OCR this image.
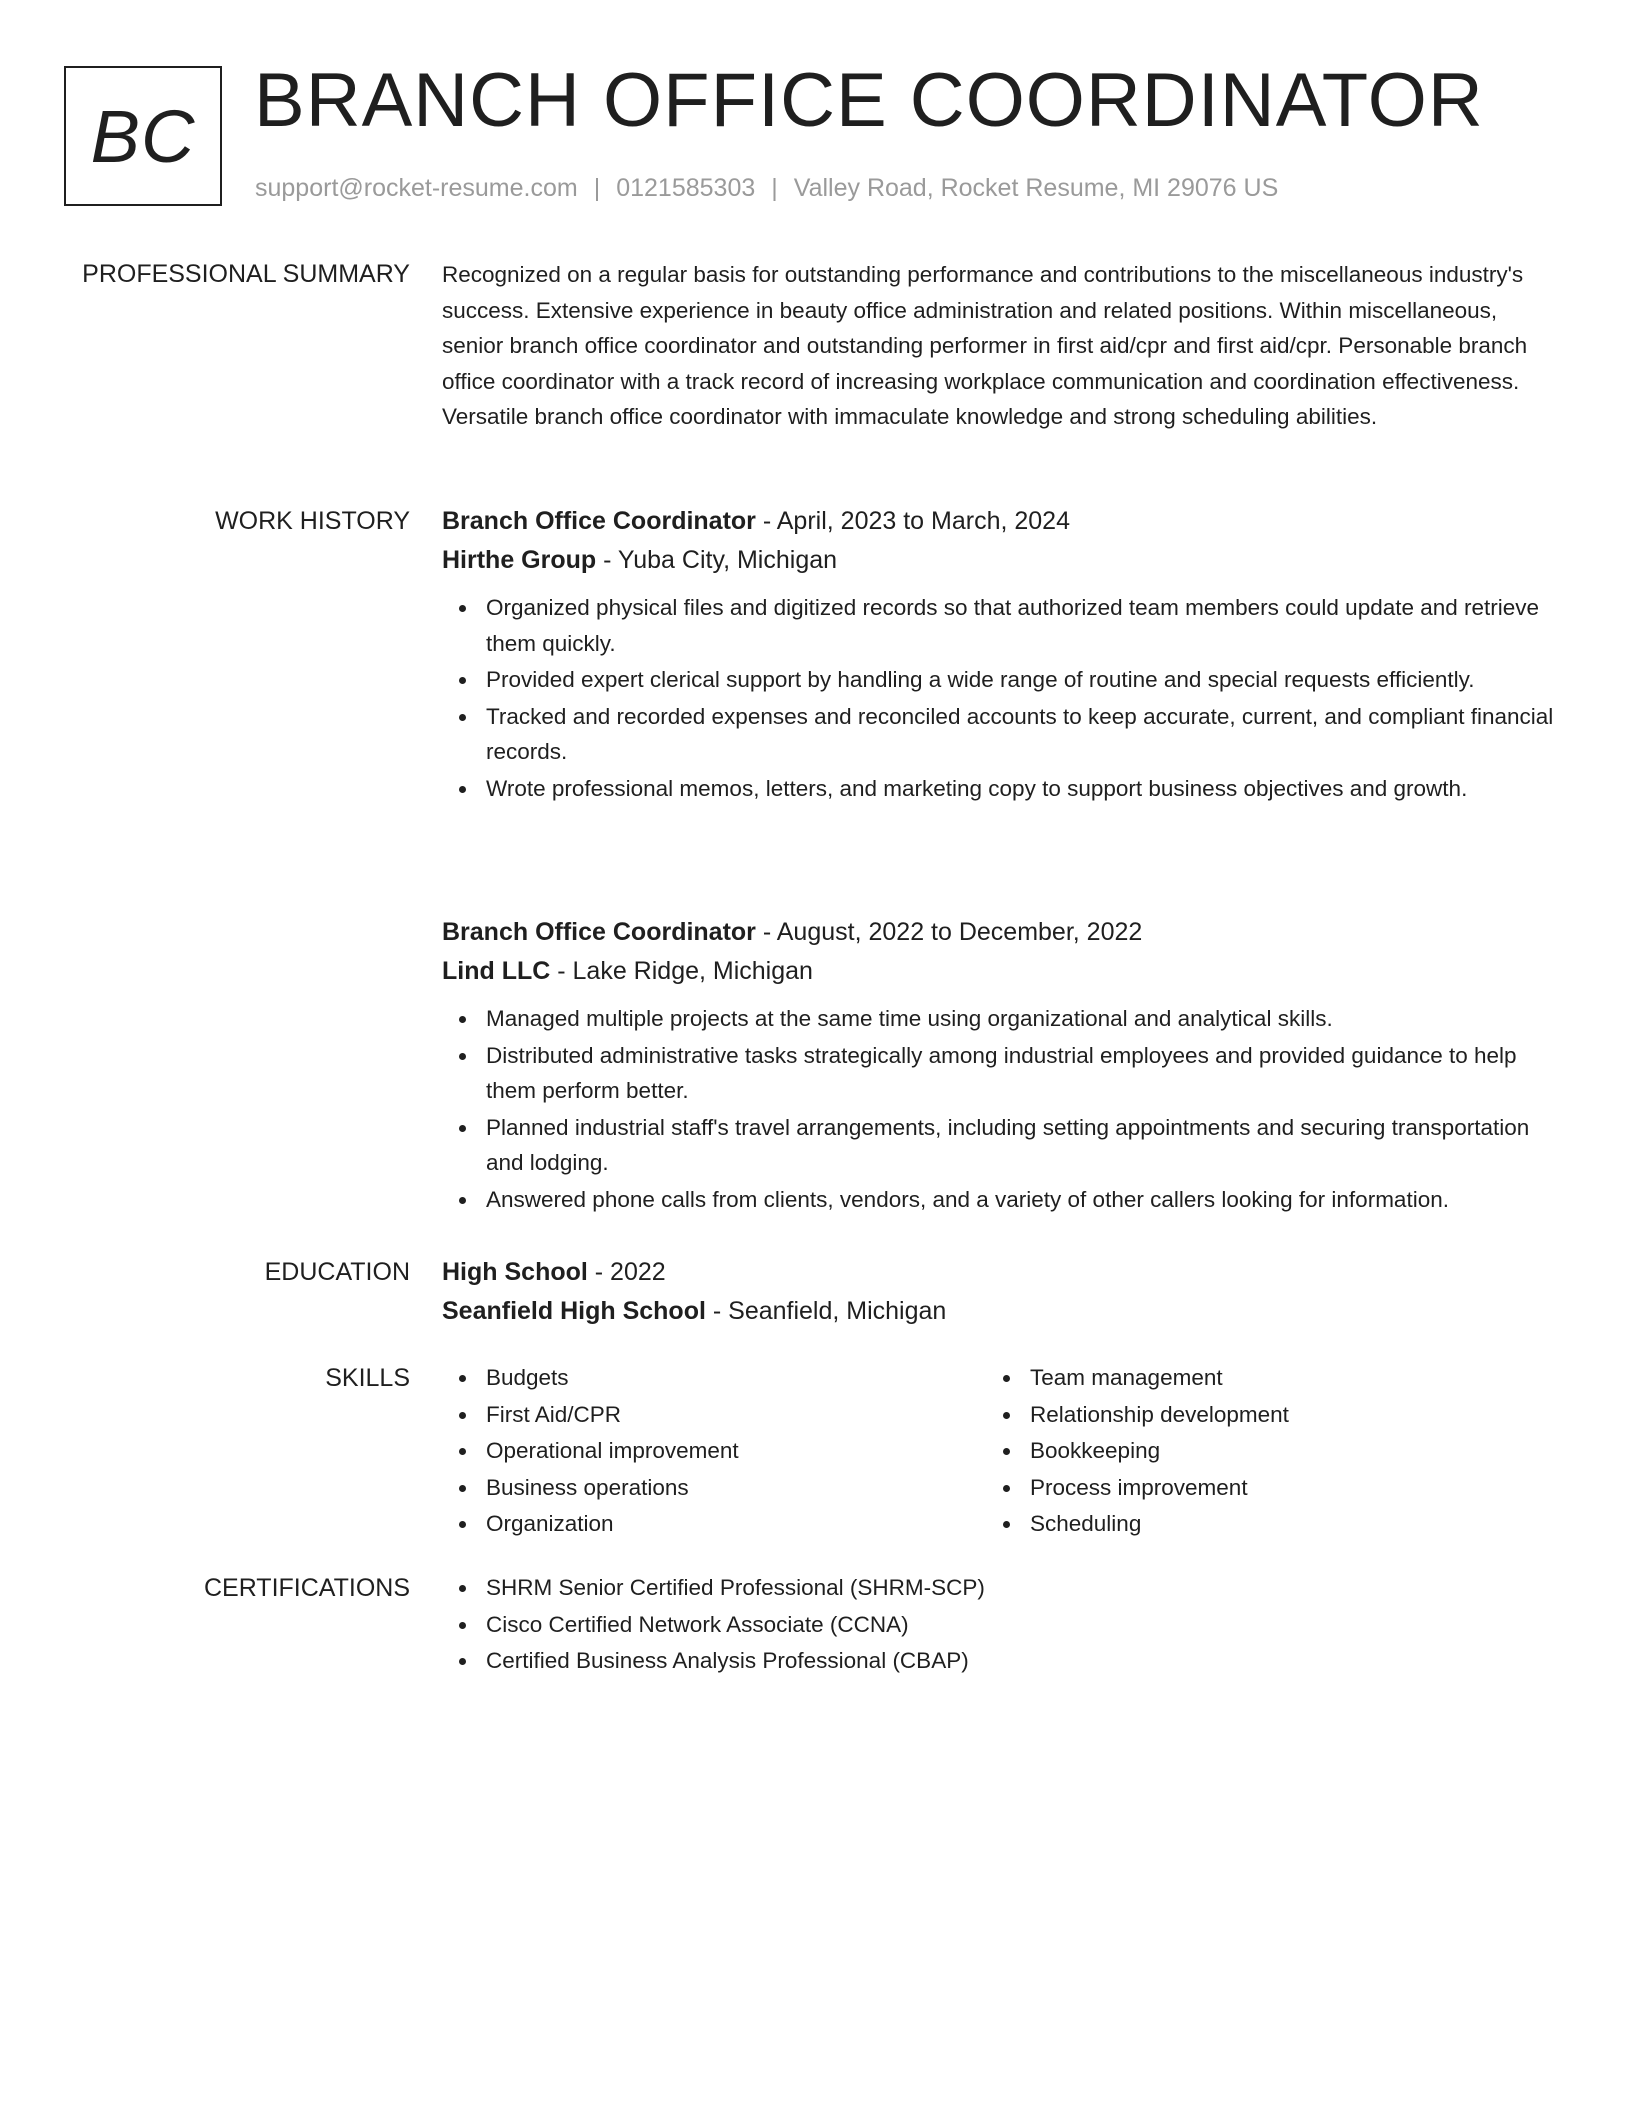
BC BRANCH OFFICE COORDINATOR
support@rocket-resume.com | 0121585303 | Valley Road, Rocket Resume, MI 29076 US
PROFESSIONAL SUMMARY Recognized on a regular basis for outstanding performance and contributions to the miscellaneous industry's success. Extensive experience in beauty office administration and related positions. Within miscellaneous, senior branch office coordinator and outstanding performer in first aid/cpr and first aid/cpr. Personable branch office coordinator with a track record of increasing workplace communication and coordination effectiveness. Versatile branch office coordinator with immaculate knowledge and strong scheduling abilities.

WORK HISTORY Branch Office Coordinator - April, 2023 to March, 2024
Hirthe Group - Yuba City, Michigan
Organized physical files and digitized records so that authorized team members could update and retrieve them quickly.
Provided expert clerical support by handling a wide range of routine and special requests efficiently.
Tracked and recorded expenses and reconciled accounts to keep accurate, current, and compliant financial records.
Wrote professional memos, letters, and marketing copy to support business objectives and growth.
Branch Office Coordinator - August, 2022 to December, 2022
Lind LLC - Lake Ridge, Michigan
Managed multiple projects at the same time using organizational and analytical skills.
Distributed administrative tasks strategically among industrial employees and provided guidance to help them perform better.
Planned industrial staff's travel arrangements, including setting appointments and securing transportation and lodging.
Answered phone calls from clients, vendors, and a variety of other callers looking for information.
EDUCATION High School - 2022
Seanfield High School - Seanfield, Michigan
SKILLS	Budgets
First Aid/CPR
Operational improvement
Business operations
Organization
Team management
Relationship development
Bookkeeping
Process improvement
Scheduling
CERTIFICATIONS	SHRM Senior Certified Professional (SHRM-SCP)
Cisco Certified Network Associate (CCNA)
Certified Business Analysis Professional (CBAP)
